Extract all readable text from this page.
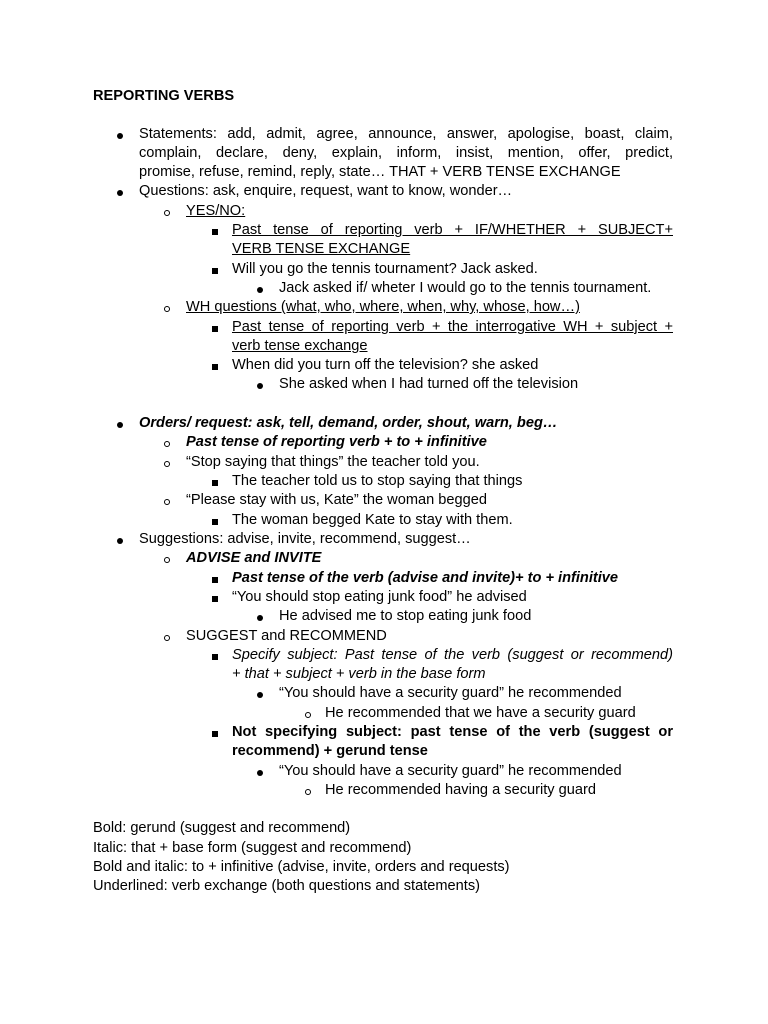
REPORTING VERBS
Statements: add, admit, agree, announce, answer, apologise, boast, claim,
complain, declare, deny, explain, inform, insist, mention, offer, predict,
promise, refuse, remind, reply, state… THAT + VERB TENSE EXCHANGE
Questions: ask, enquire, request, want to know, wonder…
YES/NO:
Past tense of reporting verb + IF/WHETHER + SUBJECT+
VERB TENSE EXCHANGE
Will you go the tennis tournament? Jack asked.
Jack asked if/ wheter I would go to the tennis tournament.
WH questions (what, who, where, when, why, whose, how…)
Past tense of reporting verb + the interrogative WH + subject +
verb tense exchange
When did you turn off the television? she asked
She asked when I had turned off the television
Orders/ request: ask, tell, demand, order, shout, warn, beg…
Past tense of reporting verb + to + infinitive
“Stop saying that things” the teacher told you.
The teacher told us to stop saying that things
“Please stay with us, Kate” the woman begged
The woman begged Kate to stay with them.
Suggestions: advise, invite, recommend, suggest…
ADVISE and INVITE
Past tense of the verb (advise and invite)+ to + infinitive
“You should stop eating junk food” he advised
He advised me to stop eating junk food
SUGGEST and RECOMMEND
Specify subject: Past tense of the verb (suggest or recommend)
+ that + subject + verb in the base form
“You should have a security guard” he recommended
He recommended that we have a security guard
Not specifying subject: past tense of the verb (suggest or
recommend) + gerund tense
“You should have a security guard” he recommended
He recommended having a security guard
Bold: gerund (suggest and recommend)
Italic: that + base form (suggest and recommend)
Bold and italic: to + infinitive (advise, invite, orders and requests)
Underlined: verb exchange (both questions and statements)
